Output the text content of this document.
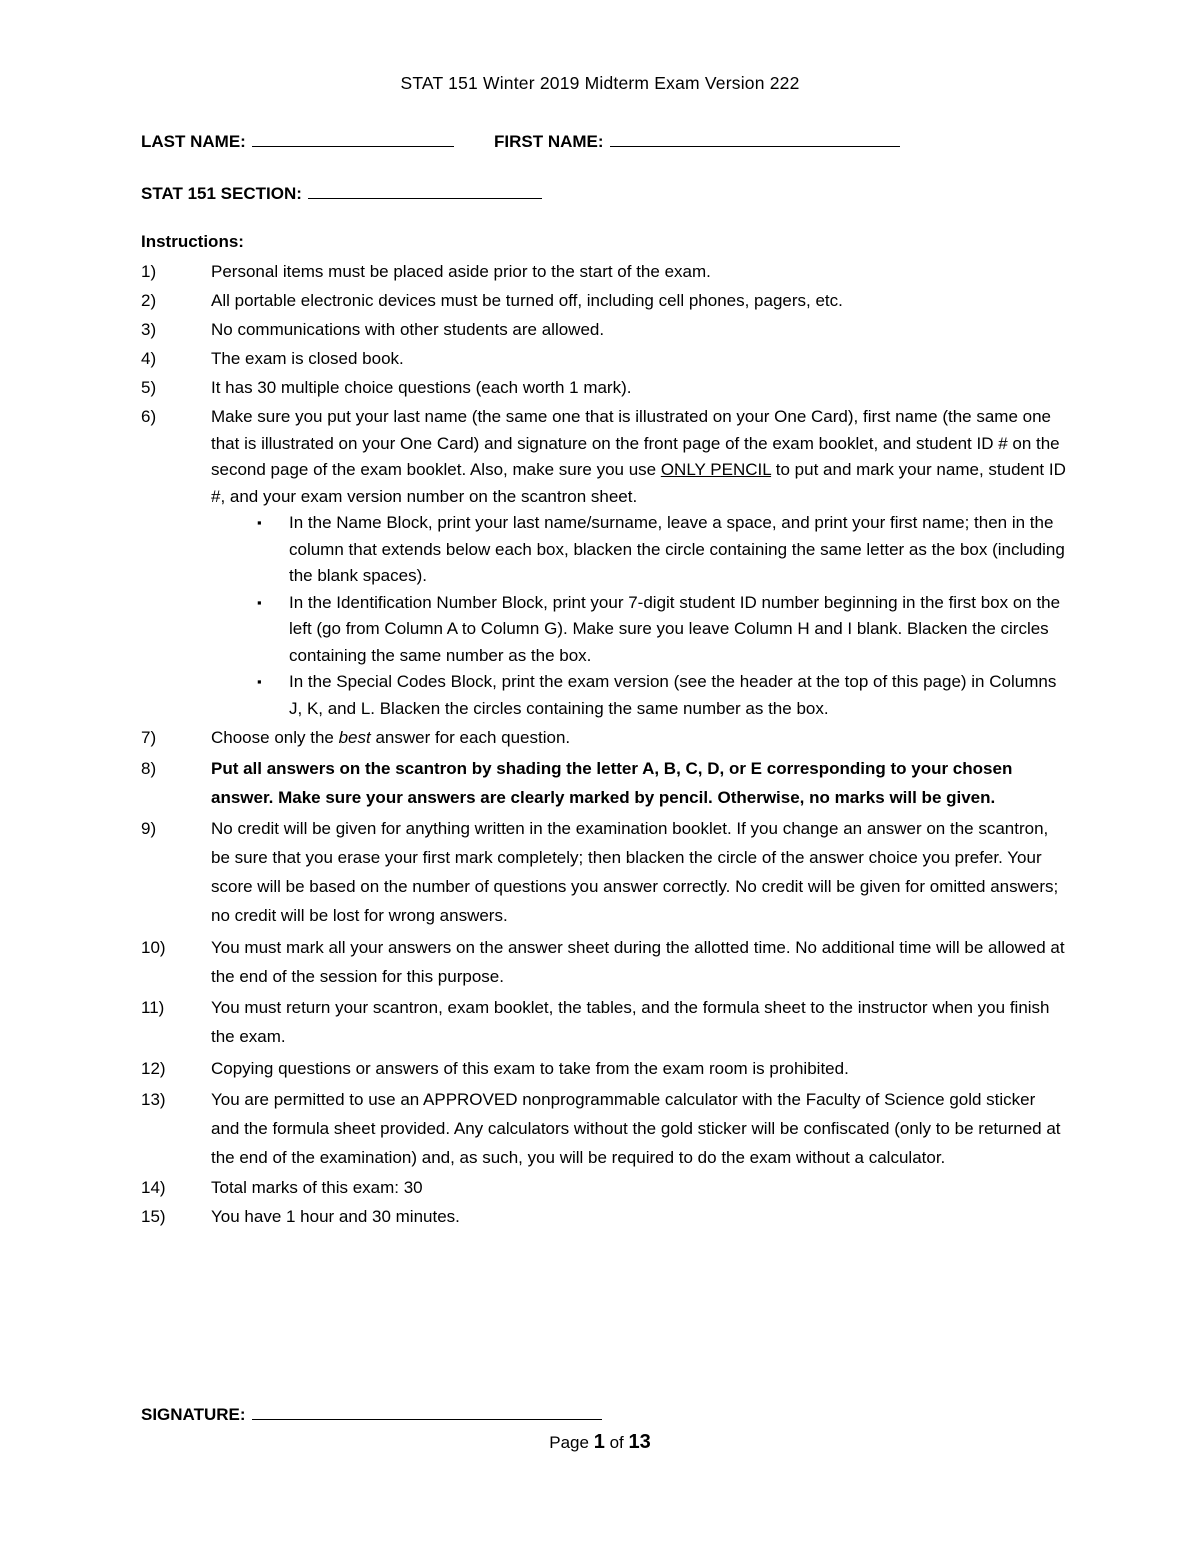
STAT 151 Winter 2019 Midterm Exam Version 222
LAST NAME:	FIRST NAME:
STAT 151 SECTION:
Instructions:
1)	Personal items must be placed aside prior to the start of the exam.
2)	All portable electronic devices must be turned off, including cell phones, pagers, etc.
3)	No communications with other students are allowed.
4)	The exam is closed book.
5)	It has 30 multiple choice questions (each worth 1 mark).
6)	Make sure you put your last name (the same one that is illustrated on your One Card), first name (the same one that is illustrated on your One Card) and signature on the front page of the exam booklet, and student ID # on the second page of the exam booklet. Also, make sure you use ONLY PENCIL to put and mark your name, student ID #, and your exam version number on the scantron sheet.
▪ In the Name Block, print your last name/surname, leave a space, and print your first name; then in the column that extends below each box, blacken the circle containing the same letter as the box (including the blank spaces).
▪ In the Identification Number Block, print your 7-digit student ID number beginning in the first box on the left (go from Column A to Column G). Make sure you leave Column H and I blank. Blacken the circles containing the same number as the box.
▪ In the Special Codes Block, print the exam version (see the header at the top of this page) in Columns J, K, and L. Blacken the circles containing the same number as the box.
7)	Choose only the best answer for each question.
8)	Put all answers on the scantron by shading the letter A, B, C, D, or E corresponding to your chosen answer. Make sure your answers are clearly marked by pencil. Otherwise, no marks will be given.
9)	No credit will be given for anything written in the examination booklet. If you change an answer on the scantron, be sure that you erase your first mark completely; then blacken the circle of the answer choice you prefer. Your score will be based on the number of questions you answer correctly. No credit will be given for omitted answers; no credit will be lost for wrong answers.
10)	You must mark all your answers on the answer sheet during the allotted time. No additional time will be allowed at the end of the session for this purpose.
11)	You must return your scantron, exam booklet, the tables, and the formula sheet to the instructor when you finish the exam.
12)	Copying questions or answers of this exam to take from the exam room is prohibited.
13)	You are permitted to use an APPROVED nonprogrammable calculator with the Faculty of Science gold sticker and the formula sheet provided. Any calculators without the gold sticker will be confiscated (only to be returned at the end of the examination) and, as such, you will be required to do the exam without a calculator.
14)	Total marks of this exam: 30
15)	You have 1 hour and 30 minutes.
SIGNATURE:
Page 1 of 13
